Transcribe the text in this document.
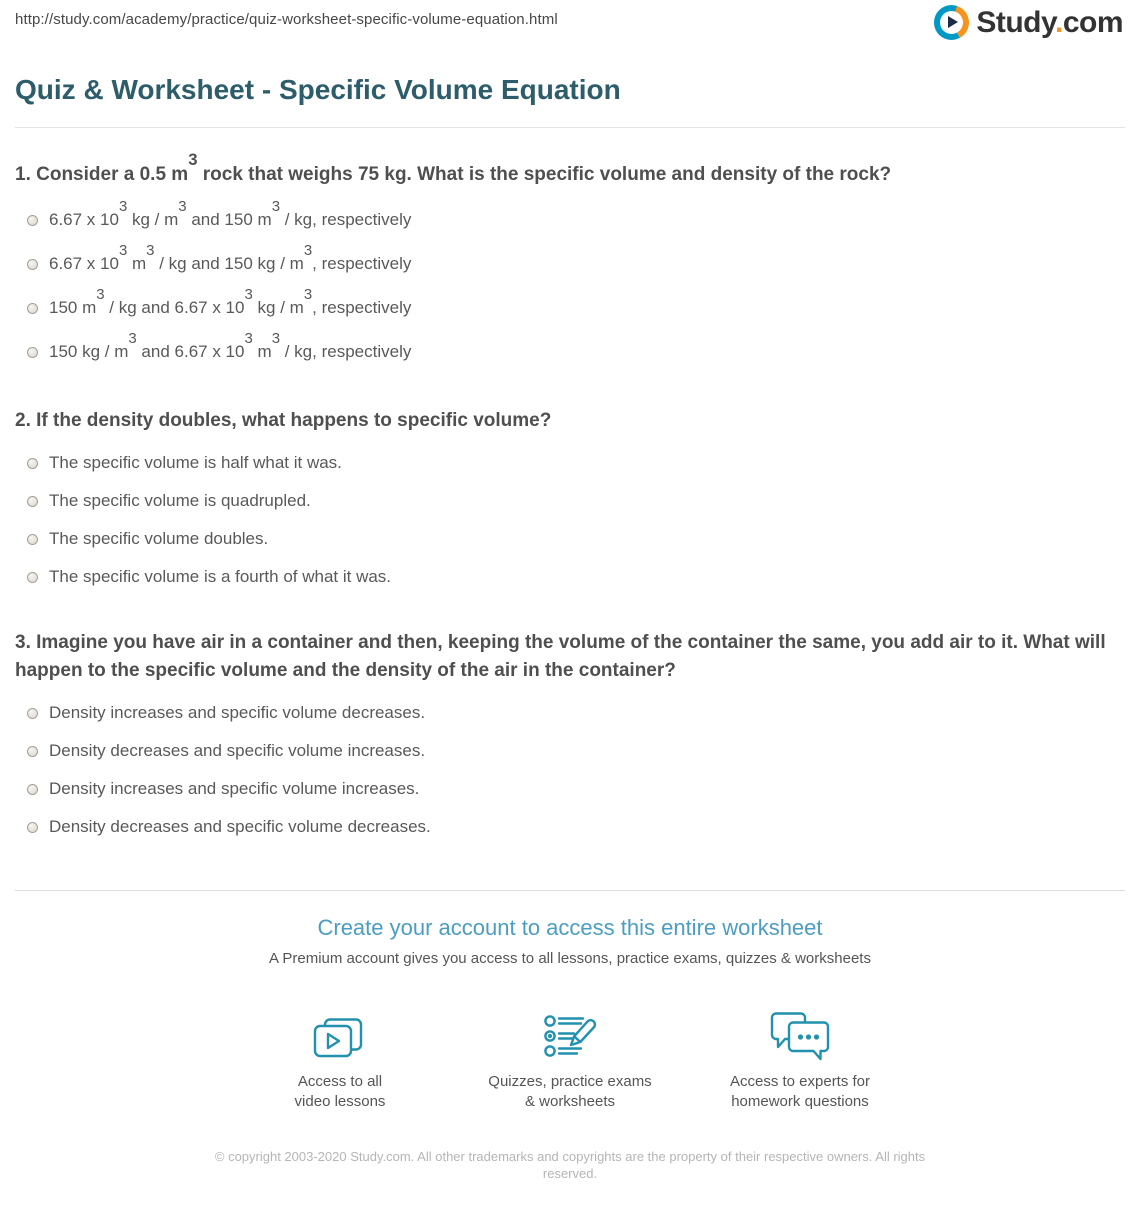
http://study.com/academy/practice/quiz-worksheet-specific-volume-equation.html	Study.com
Quiz & Worksheet - Specific Volume Equation
1. Consider a 0.5 $m^3$ rock that weighs 75 kg. What is the specific volume and density of the rock?
6.67 x $10^3$ kg / $m^3$ and 150 $m^3$ / kg, respectively
6.67 x $10^3$ $m^3$ / kg and 150 kg / $m^3$, respectively
150 $m^3$ / kg and 6.67 x $10^3$ kg / $m^3$, respectively
150 kg / $m^3$ and 6.67 x $10^3$ $m^3$ / kg, respectively
2. If the density doubles, what happens to specific volume?
The specific volume is half what it was.
The specific volume is quadrupled.
The specific volume doubles.
The specific volume is a fourth of what it was.
3. Imagine you have air in a container and then, keeping the volume of the container the same, you add air to it. What will happen to the specific volume and the density of the air in the container?
Density increases and specific volume decreases.
Density decreases and specific volume increases.
Density increases and specific volume increases.
Density decreases and specific volume decreases.
Create your account to access this entire worksheet
A Premium account gives you access to all lessons, practice exams, quizzes & worksheets
Access to all
video lessons
Quizzes, practice exams
& worksheets
Access to experts for
homework questions
© copyright 2003-2020 Study.com. All other trademarks and copyrights are the property of their respective owners. All rights reserved.
